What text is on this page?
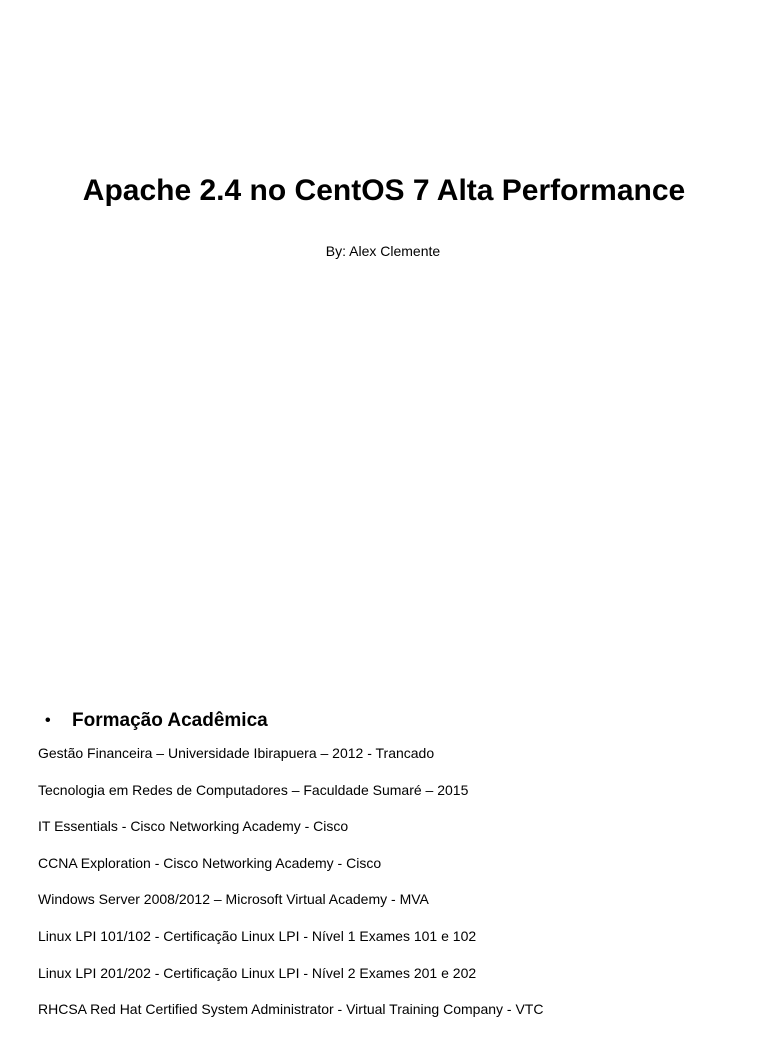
Apache 2.4 no CentOS 7 Alta Performance
By: Alex Clemente
•	Formação Acadêmica
Gestão Financeira – Universidade Ibirapuera – 2012 - Trancado
Tecnologia em Redes de Computadores – Faculdade Sumaré – 2015
IT Essentials - Cisco Networking Academy - Cisco
CCNA Exploration - Cisco Networking Academy - Cisco
Windows Server 2008/2012 – Microsoft Virtual Academy - MVA
Linux LPI 101/102 - Certificação Linux LPI - Nível 1 Exames 101 e 102
Linux LPI 201/202 - Certificação Linux LPI - Nível 2 Exames 201 e 202
RHCSA Red Hat Certified System Administrator - Virtual Training Company - VTC
